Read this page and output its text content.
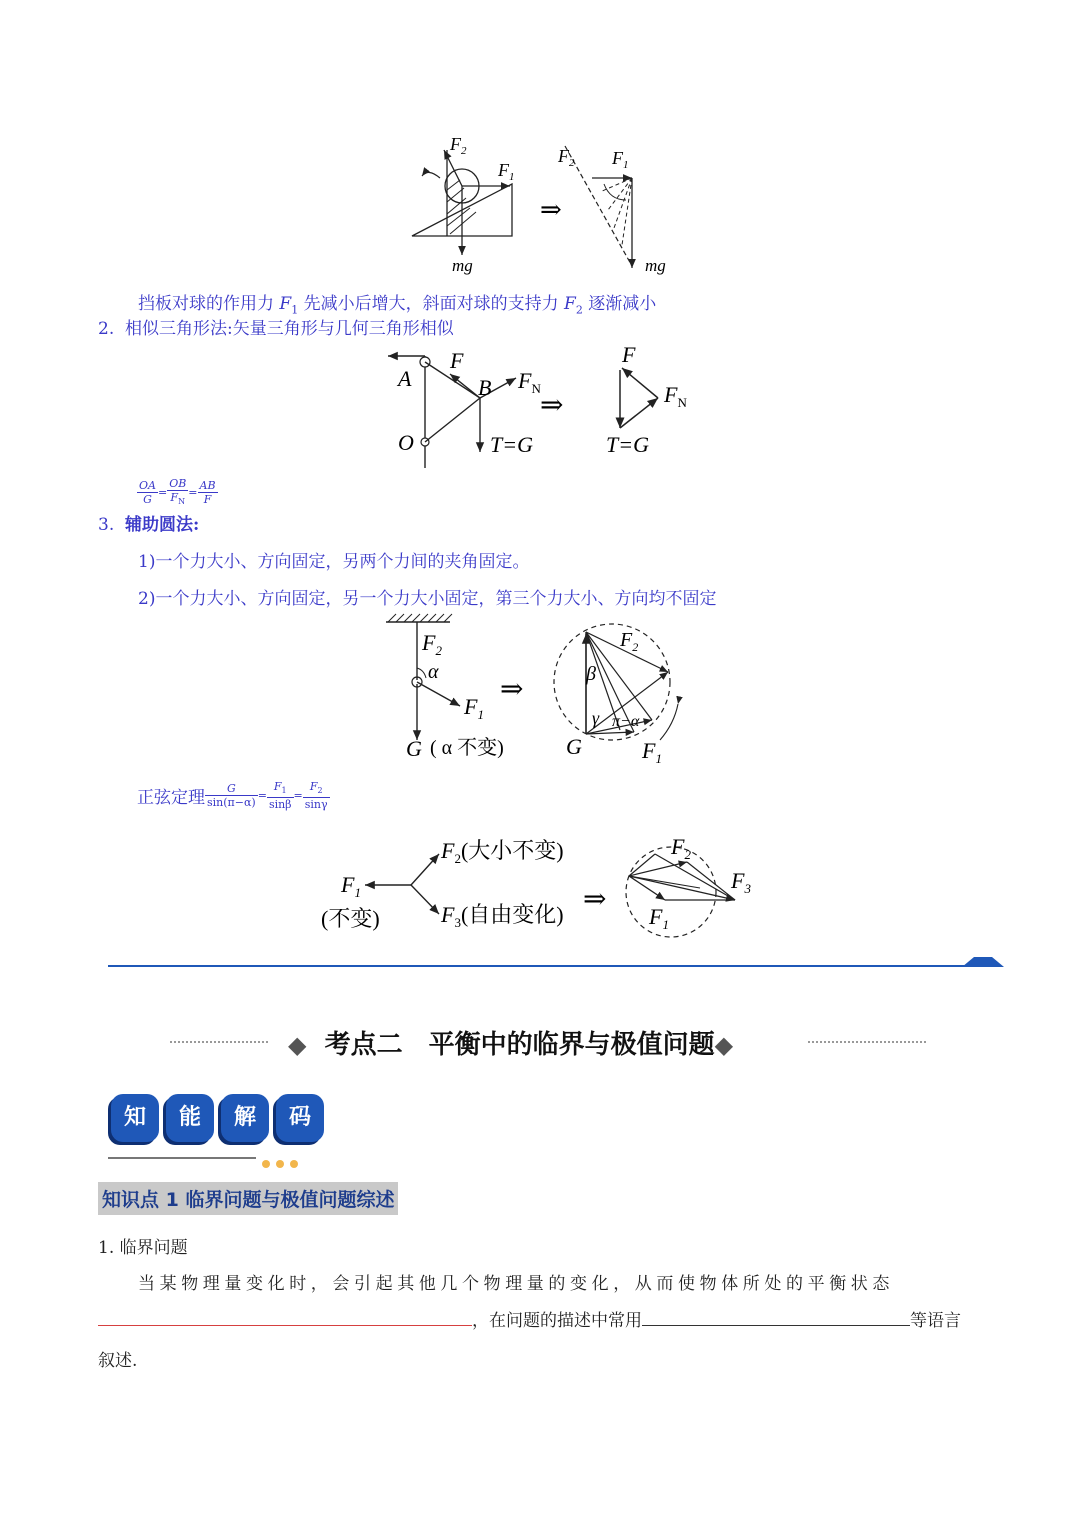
$F_2$
$F_1$
mg
⇒
$F_2$ $F_1$
mg
挡板对球的作用力 $F_1$ 先减小后增大，斜面对球的支持力 $F_2$ 逐渐减小
2. 相似三角形法:矢量三角形与几何三角形相似
A
F
B $F_N$
O	T=G
⇒
F
$F_N$
T=G
$\frac{OA}{G} = \frac{OB}{F_N} = \frac{AB}{F}$
3. 辅助圆法:
1)一个力大小、方向固定，另两个力间的夹角固定。
2)一个力大小、方向固定，另一个力大小固定，第三个力大小、方向均不固定
$F_2$
α
$F_1$
G ( α 不变)
⇒
$F_2$
β
γ π−α
G	$F_1$
正弦定理 $\frac{G}{\sin(\pi-\alpha)} = \frac{F_1}{\sin\beta} = \frac{F_2}{\sin\gamma}$
$F_1$
(不变)
$F_2$(大小不变)
$F_3$(自由变化) ⇒
$F_2$
$F_3$
$F_1$
◆ 考点二　平衡中的临界与极值问题◆
知 能 解 码
知识点 1 临界问题与极值问题综述
1. 临界问题
当某物理量变化时，会引起其他几个物理量的变化，从而使物体所处的平衡状态
，在问题的描述中常用	等语言
叙述.
